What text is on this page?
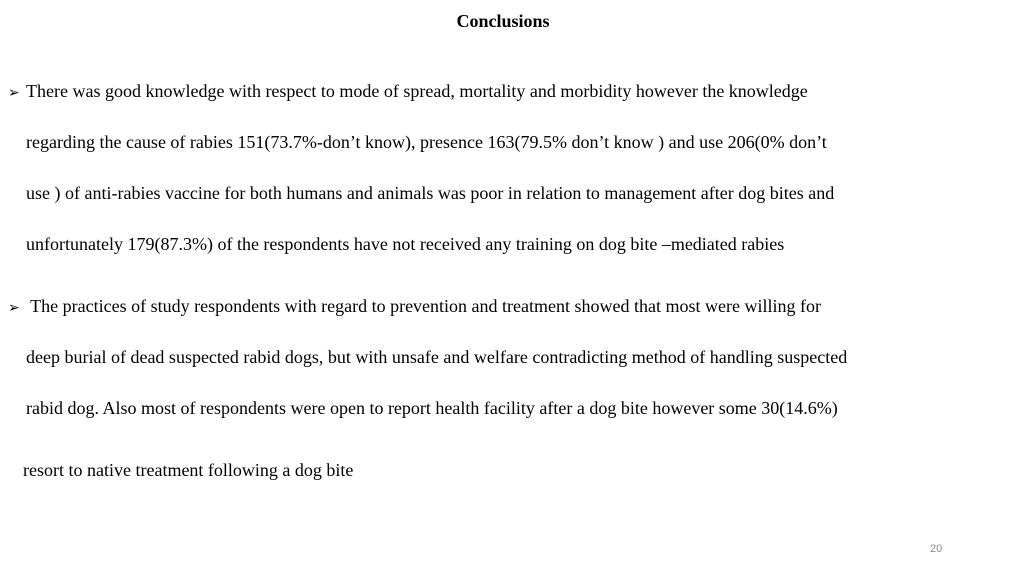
Conclusions
➢ There was good knowledge with respect to mode of spread, mortality and morbidity however the knowledge
regarding the cause of rabies 151(73.7%-don’t know), presence 163(79.5% don’t know ) and use 206(0% don’t
use ) of anti-rabies vaccine for both humans and animals was poor in relation to management after dog bites and
unfortunately 179(87.3%) of the respondents have not received any training on dog bite –mediated rabies
➢ The practices of study respondents with regard to prevention and treatment showed that most were willing for
deep burial of dead suspected rabid dogs, but with unsafe and welfare contradicting method of handling suspected
rabid dog. Also most of respondents were open to report health facility after a dog bite however some 30(14.6%)
resort to native treatment following a dog bite
20
